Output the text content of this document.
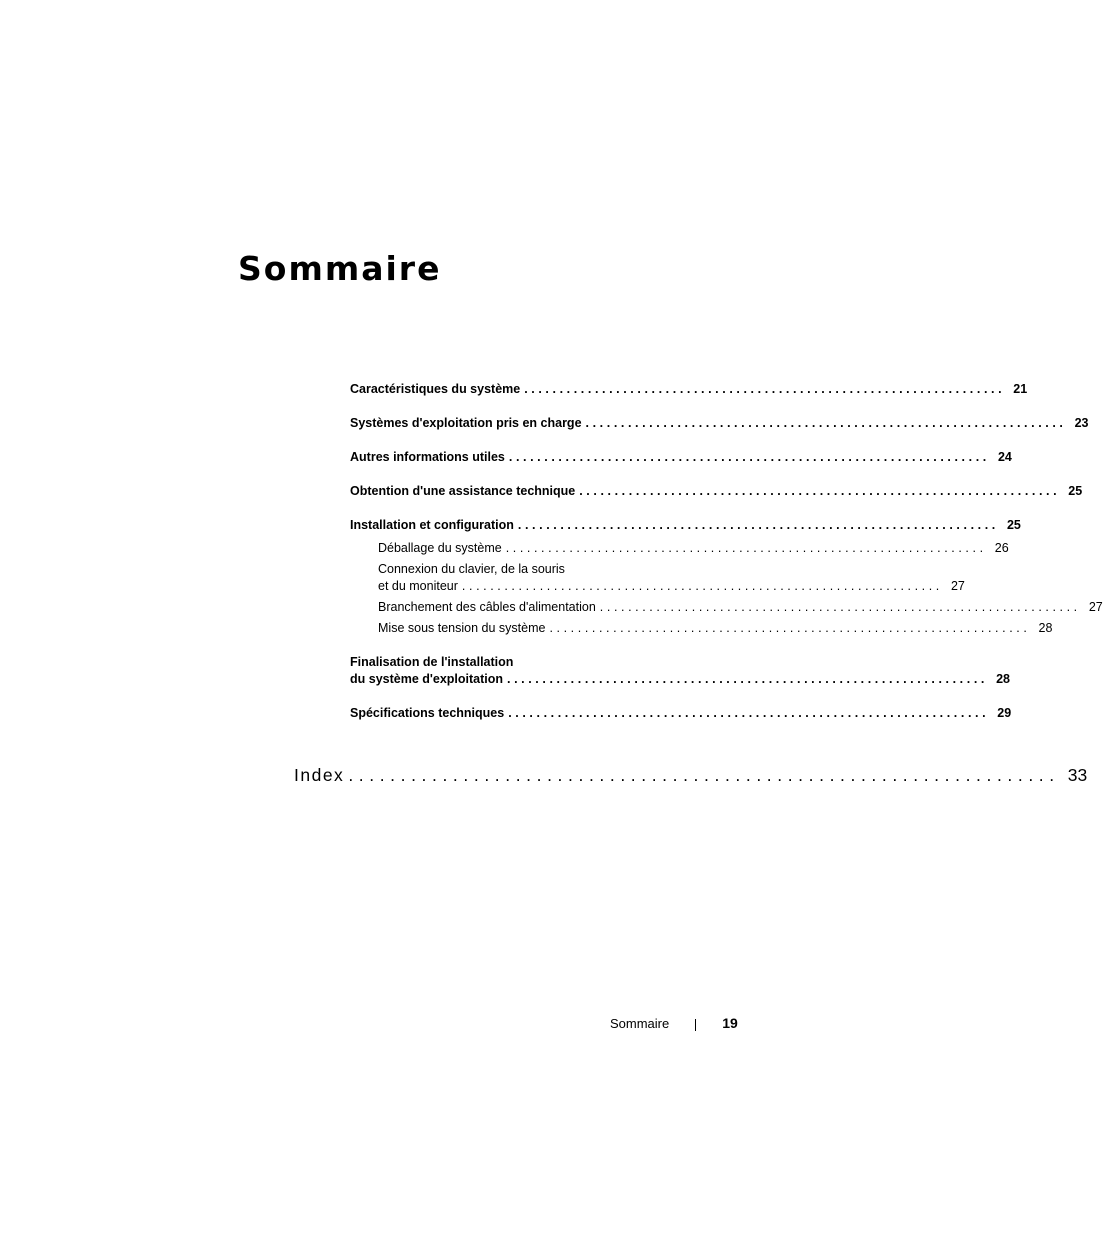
Sommaire
Caractéristiques du système .................................................................... 21
Systèmes d'exploitation pris en charge .................................................................... 23
Autres informations utiles .................................................................... 24
Obtention d'une assistance technique .................................................................... 25
Installation et configuration .................................................................... 25
Déballage du système .................................................................... 26
Connexion du clavier, de la souris
et du moniteur .................................................................... 27
Branchement des câbles d'alimentation .................................................................... 27
Mise sous tension du système .................................................................... 28
Finalisation de l'installation
du système d'exploitation .................................................................... 28
Spécifications techniques .................................................................... 29
Index .................................................................... 33
Sommaire	19
